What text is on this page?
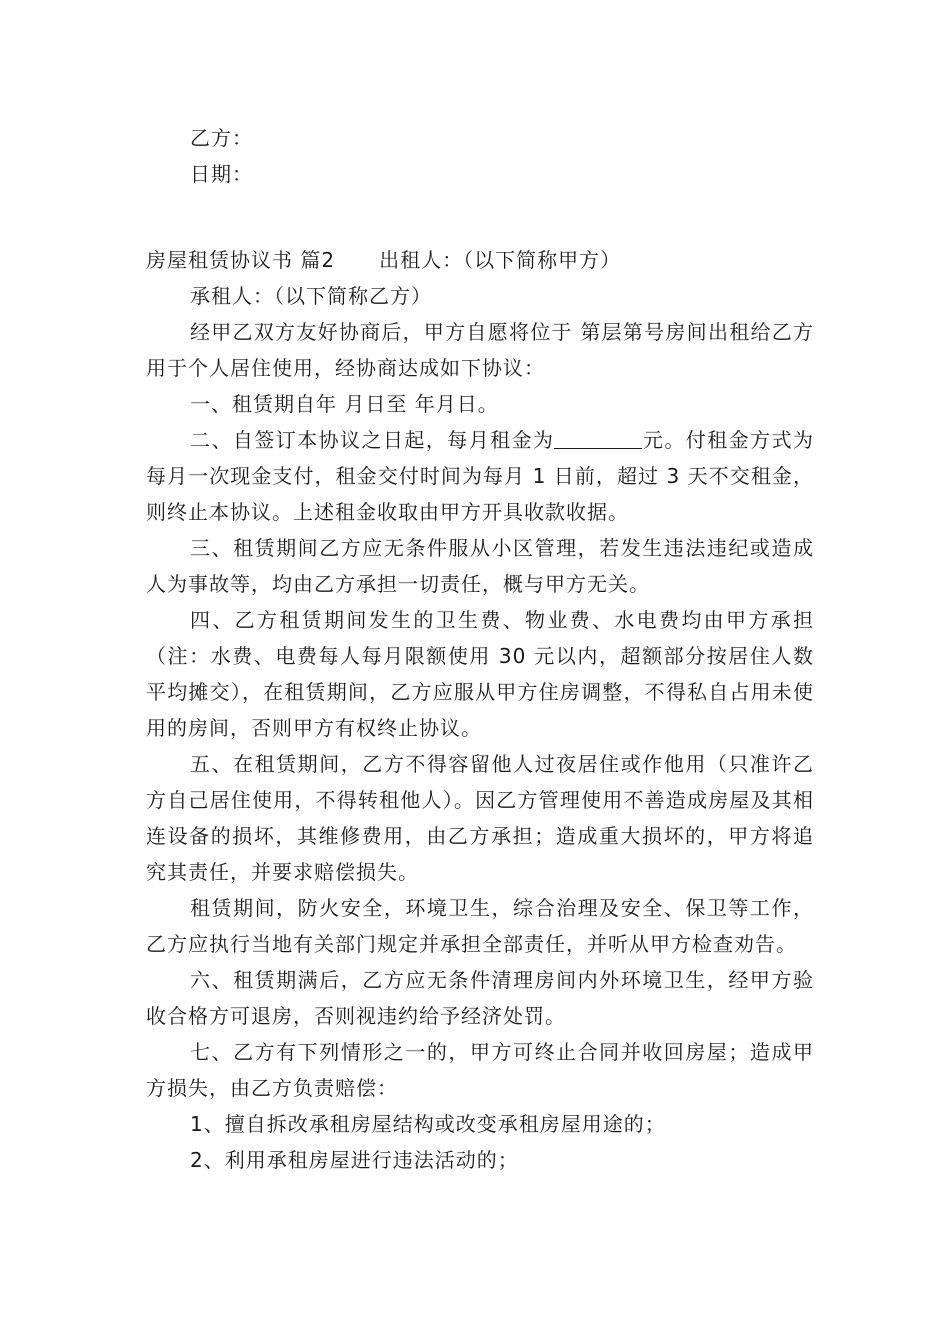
乙方：

日期：

房屋租赁协议书 篇2 出租人：（以下简称甲方）

承租人：（以下简称乙方）

经甲乙双方友好协商后，甲方自愿将位于 第层第号房间出租给乙方用于个人居住使用，经协商达成如下协议：

一、租赁期自年 月日至 年月日。

二、自签订本协议之日起，每月租金为	元。付租金方式为每月一次现金支付，租金交付时间为每月 1 日前，超过 3 天不交租金，则终止本协议。上述租金收取由甲方开具收款收据。

三、租赁期间乙方应无条件服从小区管理，若发生违法违纪或造成人为事故等，均由乙方承担一切责任，概与甲方无关。

四、乙方租赁期间发生的卫生费、物业费、水电费均由甲方承担（注：水费、电费每人每月限额使用 30 元以内，超额部分按居住人数平均摊交），在租赁期间，乙方应服从甲方住房调整，不得私自占用未使用的房间，否则甲方有权终止协议。

五、在租赁期间，乙方不得容留他人过夜居住或作他用（只准许乙方自己居住使用，不得转租他人）。因乙方管理使用不善造成房屋及其相连设备的损坏，其维修费用，由乙方承担；造成重大损坏的，甲方将追究其责任，并要求赔偿损失。

租赁期间，防火安全，环境卫生，综合治理及安全、保卫等工作，乙方应执行当地有关部门规定并承担全部责任，并听从甲方检查劝告。

六、租赁期满后，乙方应无条件清理房间内外环境卫生，经甲方验收合格方可退房，否则视违约给予经济处罚。

七、乙方有下列情形之一的，甲方可终止合同并收回房屋；造成甲方损失，由乙方负责赔偿：

1、擅自拆改承租房屋结构或改变承租房屋用途的；

2、利用承租房屋进行违法活动的；
